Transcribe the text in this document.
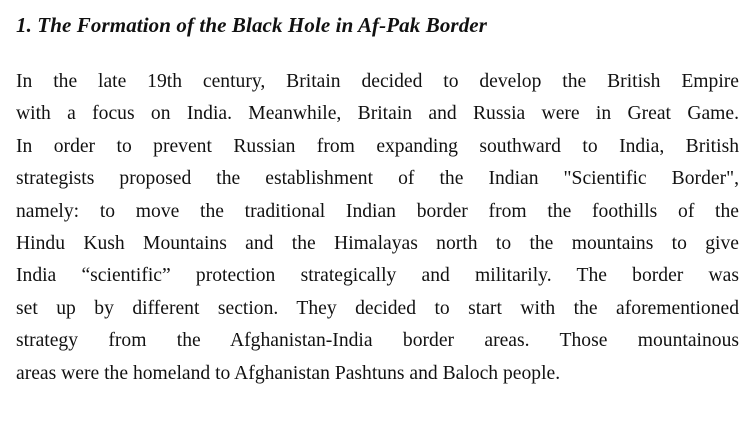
1. The Formation of the Black Hole in Af-Pak Border
In the late 19th century, Britain decided to develop the British Empire
with a focus on India. Meanwhile, Britain and Russia were in Great Game.
In order to prevent Russian from expanding southward to India, British
strategists proposed the establishment of the Indian "Scientific Border",
namely: to move the traditional Indian border from the foothills of the
Hindu Kush Mountains and the Himalayas north to the mountains to give
India “scientific” protection strategically and militarily. The border was
set up by different section. They decided to start with the aforementioned
strategy from the Afghanistan-India border areas. Those mountainous
areas were the homeland to Afghanistan Pashtuns and Baloch people.
